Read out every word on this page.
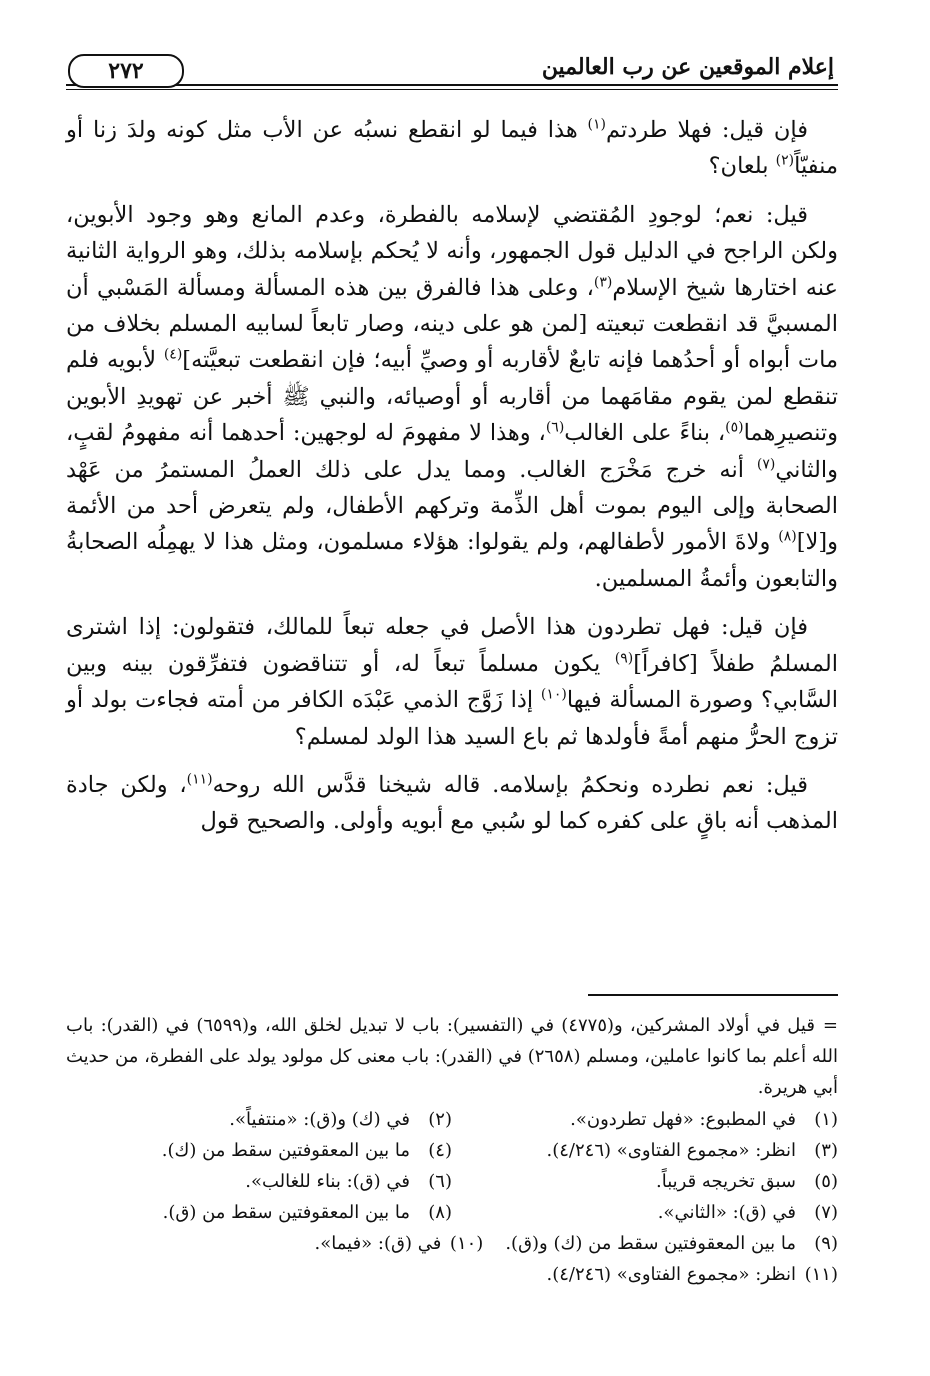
إعلام الموقعين عن رب العالمين
٢٧٢

فإن قيل: فهلا طردتم$^{(١)}$ هذا فيما لو انقطع نسبُه عن الأب مثل كونه ولدَ زنا أو منفيّاً$^{(٢)}$ بلعان؟

قيل: نعم؛ لوجودِ المُقتضي لإسلامه بالفطرة، وعدم المانع وهو وجود الأبوين، ولكن الراجح في الدليل قول الجمهور، وأنه لا يُحكم بإسلامه بذلك، وهو الرواية الثانية عنه اختارها شيخ الإسلام$^{(٣)}$، وعلى هذا فالفرق بين هذه المسألة ومسألة المَسْبي أن المسبيَّ قد انقطعت تبعيته [لمن هو على دينه، وصار تابعاً لسابيه المسلم بخلاف من مات أبواه أو أحدُهما فإنه تابعٌ لأقاربه أو وصيِّ أبيه؛ فإن انقطعت تبعيَّته]$^{(٤)}$ لأبويه فلم تنقطع لمن يقوم مقامَهما من أقاربه أو أوصيائه، والنبي ﷺ أخبر عن تهويدِ الأبوين وتنصيرِهما$^{(٥)}$، بناءً على الغالب$^{(٦)}$، وهذا لا مفهومَ له لوجهين: أحدهما أنه مفهومُ لقبٍ، والثاني$^{(٧)}$ أنه خرج مَخْرَج الغالب. ومما يدل على ذلك العملُ المستمرُ من عَهْد الصحابة وإلى اليوم بموت أهل الذِّمة وتركهم الأطفال، ولم يتعرض أحد من الأئمة و[لا]$^{(٨)}$ ولاةَ الأمور لأطفالهم، ولم يقولوا: هؤلاء مسلمون، ومثل هذا لا يهمِلُه الصحابةُ والتابعون وأئمةُ المسلمين.

فإن قيل: فهل تطردون هذا الأصل في جعله تبعاً للمالك، فتقولون: إذا اشترى المسلمُ طفلاً [كافراً]$^{(٩)}$ يكون مسلماً تبعاً له، أو تتناقضون فتفرِّقون بينه وبين السَّابي؟ وصورة المسألة فيها$^{(١٠)}$ إذا زَوَّج الذمي عَبْدَه الكافر من أمته فجاءت بولد أو تزوج الحرُّ منهم أمةً فأولدها ثم باع السيد هذا الولد لمسلم؟

قيل: نعم نطرده ونحكمُ بإسلامه. قاله شيخنا قدَّس الله روحه$^{(١١)}$، ولكن جادة المذهب أنه باقٍ على كفره كما لو سُبي مع أبويه وأولى. والصحيح قول

=قيل في أولاد المشركين، و(٤٧٧٥) في (التفسير): باب لا تبديل لخلق الله، و(٦٥٩٩) في (القدر): باب الله أعلم بما كانوا عاملين، ومسلم (٢٦٥٨) في (القدر): باب معنى كل مولود يولد على الفطرة، من حديث أبي هريرة.
(١)
في المطبوع: «فهل تطردون».
(٢)
في (ك) و(ق): «منتفياً».
(٣)
انظر: «مجموع الفتاوى» (٤/٢٤٦).
(٤)
ما بين المعقوفتين سقط من (ك).
(٥)
سبق تخريجه قريباً.
(٦)
في (ق): بناء للغالب».
(٧)
في (ق): «الثاني».
(٨)
ما بين المعقوفتين سقط من (ق).
(٩)
ما بين المعقوفتين سقط من (ك) و(ق).
(١٠)
في (ق): «فيما».
(١١)
انظر: «مجموع الفتاوى» (٤/٢٤٦).
